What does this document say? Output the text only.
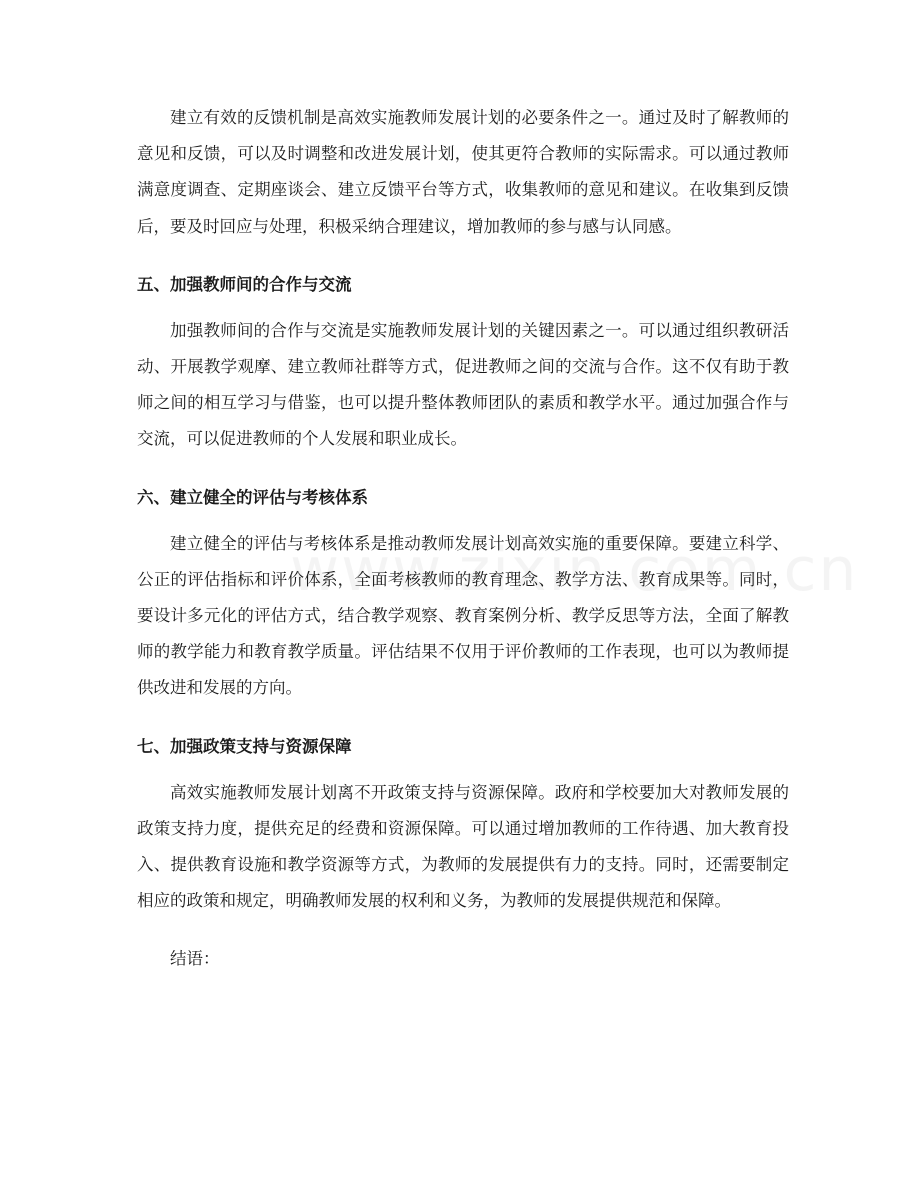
建立有效的反馈机制是高效实施教师发展计划的必要条件之一。通过及时了解教师的意见和反馈，可以及时调整和改进发展计划，使其更符合教师的实际需求。可以通过教师满意度调查、定期座谈会、建立反馈平台等方式，收集教师的意见和建议。在收集到反馈后，要及时回应与处理，积极采纳合理建议，增加教师的参与感与认同感。

五、加强教师间的合作与交流

加强教师间的合作与交流是实施教师发展计划的关键因素之一。可以通过组织教研活动、开展教学观摩、建立教师社群等方式，促进教师之间的交流与合作。这不仅有助于教师之间的相互学习与借鉴，也可以提升整体教师团队的素质和教学水平。通过加强合作与交流，可以促进教师的个人发展和职业成长。

六、建立健全的评估与考核体系

建立健全的评估与考核体系是推动教师发展计划高效实施的重要保障。要建立科学、公正的评估指标和评价体系，全面考核教师的教育理念、教学方法、教育成果等。同时，要设计多元化的评估方式，结合教学观察、教育案例分析、教学反思等方法，全面了解教师的教学能力和教育教学质量。评估结果不仅用于评价教师的工作表现，也可以为教师提供改进和发展的方向。

七、加强政策支持与资源保障

高效实施教师发展计划离不开政策支持与资源保障。政府和学校要加大对教师发展的政策支持力度，提供充足的经费和资源保障。可以通过增加教师的工作待遇、加大教育投入、提供教育设施和教学资源等方式，为教师的发展提供有力的支持。同时，还需要制定相应的政策和规定，明确教师发展的权利和义务，为教师的发展提供规范和保障。

结语：
